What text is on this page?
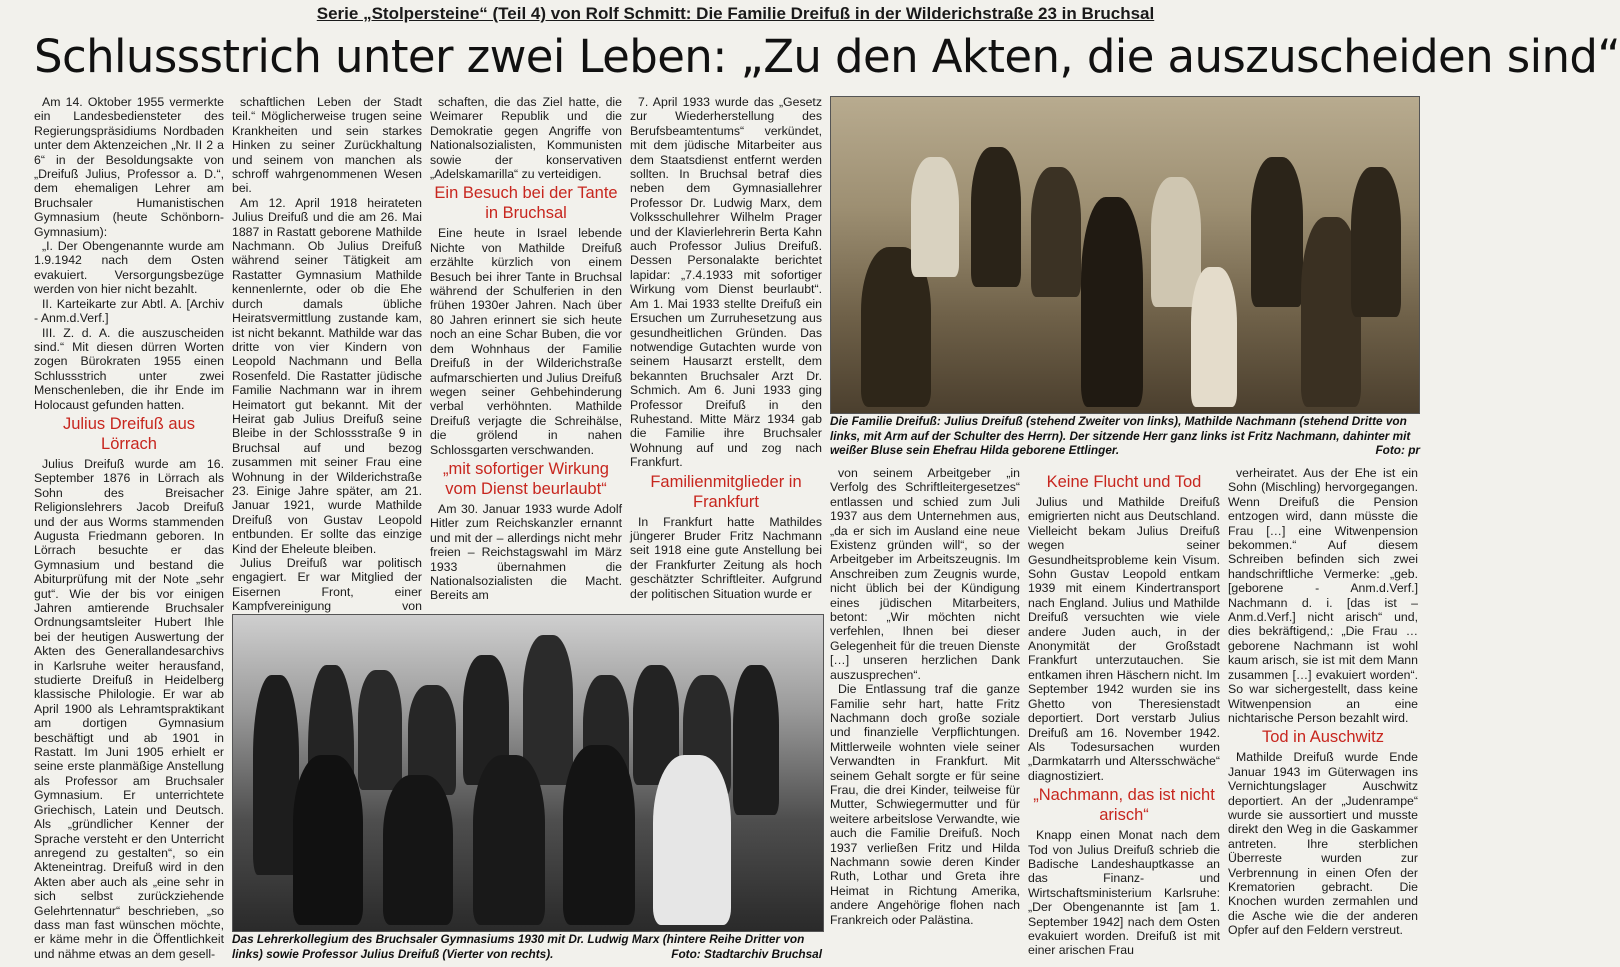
Serie „Stolpersteine“ (Teil 4) von Rolf Schmitt: Die Familie Dreifuß in der Wilderichstraße 23 in Bruchsal
Schlussstrich unter zwei Leben: „Zu den Akten, die auszuscheiden sind“

Am 14. Oktober 1955 vermerkte ein Landesbediensteter des Regierungspräsidiums Nordbaden unter dem Aktenzeichen „Nr. II 2 a 6“ in der Besoldungsakte von „Dreifuß Julius, Professor a. D.“, dem ehemaligen Lehrer am Bruchsaler Humanistischen Gymnasium (heute Schönborn-Gymnasium):

„I. Der Obengenannte wurde am 1.9.1942 nach dem Osten evakuiert. Versorgungsbezüge werden von hier nicht bezahlt.

II. Karteikarte zur Abtl. A. [Archiv - Anm.d.Verf.]

III. Z. d. A. die auszuscheiden sind.“ Mit diesen dürren Worten zogen Bürokraten 1955 einen Schlussstrich unter zwei Menschenleben, die ihr Ende im Holocaust gefunden hatten.

Julius Dreifuß aus Lörrach

Julius Dreifuß wurde am 16. September 1876 in Lörrach als Sohn des Breisacher Religionslehrers Jacob Dreifuß und der aus Worms stammenden Augusta Friedmann geboren. In Lörrach besuchte er das Gymnasium und bestand die Abiturprüfung mit der Note „sehr gut“. Wie der bis vor einigen Jahren amtierende Bruchsaler Ordnungsamtsleiter Hubert Ihle bei der heutigen Auswertung der Akten des Generallandesarchivs in Karlsruhe weiter herausfand, studierte Dreifuß in Heidelberg klassische Philologie. Er war ab April 1900 als Lehramtspraktikant am dortigen Gymnasium beschäftigt und ab 1901 in Rastatt. Im Juni 1905 erhielt er seine erste planmäßige Anstellung als Professor am Bruchsaler Gymnasium. Er unterrichtete Griechisch, Latein und Deutsch. Als „gründlicher Kenner der Sprache versteht er den Unterricht anregend zu gestalten“, so ein Akteneintrag. Dreifuß wird in den Akten aber auch als „eine sehr in sich selbst zurückziehende Gelehrtennatur“ beschrieben, „so dass man fast wünschen möchte, er käme mehr in die Öffentlichkeit und nähme etwas an dem gesell-

schaftlichen Leben der Stadt teil.“ Möglicherweise trugen seine Krankheiten und sein starkes Hinken zu seiner Zurückhaltung und seinem von manchen als schroff wahrgenommenen Wesen bei.

Am 12. April 1918 heirateten Julius Dreifuß und die am 26. Mai 1887 in Rastatt geborene Mathilde Nachmann. Ob Julius Dreifuß während seiner Tätigkeit am Rastatter Gymnasium Mathilde kennenlernte, oder ob die Ehe durch damals übliche Heiratsvermittlung zustande kam, ist nicht bekannt. Mathilde war das dritte von vier Kindern von Leopold Nachmann und Bella Rosenfeld. Die Rastatter jüdische Familie Nachmann war in ihrem Heimatort gut bekannt. Mit der Heirat gab Julius Dreifuß seine Bleibe in der Schlossstraße 9 in Bruchsal auf und bezog zusammen mit seiner Frau eine Wohnung in der Wilderichstraße 23. Einige Jahre später, am 21. Januar 1921, wurde Mathilde Dreifuß von Gustav Leopold entbunden. Er sollte das einzige Kind der Eheleute bleiben.

Julius Dreifuß war politisch engagiert. Er war Mitglied der Eisernen Front, einer Kampfvereinigung von

schaften, die das Ziel hatte, die Weimarer Republik und die Demokratie gegen Angriffe von Nationalsozialisten, Kommunisten sowie der konservativen „Adelskamarilla“ zu verteidigen.

Ein Besuch bei der Tante in Bruchsal

Eine heute in Israel lebende Nichte von Mathilde Dreifuß erzählte kürzlich von einem Besuch bei ihrer Tante in Bruchsal während der Schulferien in den frühen 1930er Jahren. Nach über 80 Jahren erinnert sie sich heute noch an eine Schar Buben, die vor dem Wohnhaus der Familie Dreifuß in der Wilderichstraße aufmarschierten und Julius Dreifuß wegen seiner Gehbehinderung verbal verhöhnten. Mathilde Dreifuß verjagte die Schreihälse, die grölend in nahen Schlossgarten verschwanden.

„mit sofortiger Wirkung vom Dienst beurlaubt“

Am 30. Januar 1933 wurde Adolf Hitler zum Reichskanzler ernannt und mit der – allerdings nicht mehr freien – Reichstagswahl im März 1933 übernahmen die Nationalsozialisten die Macht. Bereits am

7. April 1933 wurde das „Gesetz zur Wiederherstellung des Berufsbeamtentums“ verkündet, mit dem jüdische Mitarbeiter aus dem Staatsdienst entfernt werden sollten. In Bruchsal betraf dies neben dem Gymnasiallehrer Professor Dr. Ludwig Marx, dem Volksschullehrer Wilhelm Prager und der Klavierlehrerin Berta Kahn auch Professor Julius Dreifuß. Dessen Personalakte berichtet lapidar: „7.4.1933 mit sofortiger Wirkung vom Dienst beurlaubt“. Am 1. Mai 1933 stellte Dreifuß ein Ersuchen um Zurruhesetzung aus gesundheitlichen Gründen. Das notwendige Gutachten wurde von seinem Hausarzt erstellt, dem bekannten Bruchsaler Arzt Dr. Schmich. Am 6. Juni 1933 ging Professor Dreifuß in den Ruhestand. Mitte März 1934 gab die Familie ihre Bruchsaler Wohnung auf und zog nach Frankfurt.

Familienmitglieder in Frankfurt

In Frankfurt hatte Mathildes jüngerer Bruder Fritz Nachmann seit 1918 eine gute Anstellung bei der Frankfurter Zeitung als hoch geschätzter Schriftleiter. Aufgrund der politischen Situation wurde er

Die Familie Dreifuß: Julius Dreifuß (stehend Zweiter von links), Mathilde Nachmann (stehend Dritte von links, mit Arm auf der Schulter des Herrn). Der sitzende Herr ganz links ist Fritz Nachmann, dahinter mit weißer Bluse sein Ehefrau Hilda geborene Ettlinger.	Foto: pr
Das Lehrerkollegium des Bruchsaler Gymnasiums 1930 mit Dr. Ludwig Marx (hintere Reihe Dritter von links) sowie Professor Julius Dreifuß (Vierter von rechts).	Foto: Stadtarchiv Bruchsal

von seinem Arbeitgeber „in Verfolg des Schriftleitergesetzes“ entlassen und schied zum Juli 1937 aus dem Unternehmen aus, „da er sich im Ausland eine neue Existenz gründen will“, so der Arbeitgeber im Arbeitszeugnis. Im Anschreiben zum Zeugnis wurde, nicht üblich bei der Kündigung eines jüdischen Mitarbeiters, betont: „Wir möchten nicht verfehlen, Ihnen bei dieser Gelegenheit für die treuen Dienste […] unseren herzlichen Dank auszusprechen“.

Die Entlassung traf die ganze Familie sehr hart, hatte Fritz Nachmann doch große soziale und finanzielle Verpflichtungen. Mittlerweile wohnten viele seiner Verwandten in Frankfurt. Mit seinem Gehalt sorgte er für seine Frau, die drei Kinder, teilweise für Mutter, Schwiegermutter und für weitere arbeitslose Verwandte, wie auch die Familie Dreifuß. Noch 1937 verließen Fritz und Hilda Nachmann sowie deren Kinder Ruth, Lothar und Greta ihre Heimat in Richtung Amerika, andere Angehörige flohen nach Frankreich oder Palästina.

Keine Flucht und Tod

Julius und Mathilde Dreifuß emigrierten nicht aus Deutschland. Vielleicht bekam Julius Dreifuß wegen seiner Gesundheitsprobleme kein Visum. Sohn Gustav Leopold entkam 1939 mit einem Kindertransport nach England. Julius und Mathilde Dreifuß versuchten wie viele andere Juden auch, in der Anonymität der Großstadt Frankfurt unterzutauchen. Sie entkamen ihren Häschern nicht. Im September 1942 wurden sie ins Ghetto von Theresienstadt deportiert. Dort verstarb Julius Dreifuß am 16. November 1942. Als Todesursachen wurden „Darmkatarrh und Altersschwäche“ diagnostiziert.

„Nachmann, das ist nicht arisch“

Knapp einen Monat nach dem Tod von Julius Dreifuß schrieb die Badische Landeshauptkasse an das Finanz- und Wirtschaftsministerium Karlsruhe: „Der Obengenannte ist [am 1. September 1942] nach dem Osten evakuiert worden. Dreifuß ist mit einer arischen Frau

verheiratet. Aus der Ehe ist ein Sohn (Mischling) hervorgegangen. Wenn Dreifuß die Pension entzogen wird, dann müsste die Frau […] eine Witwenpension bekommen.“ Auf diesem Schreiben befinden sich zwei handschriftliche Vermerke: „geb. [geborene - Anm.d.Verf.] Nachmann d. i. [das ist – Anm.d.Verf.] nicht arisch“ und, dies bekräftigend,: „Die Frau … geborene Nachmann ist wohl kaum arisch, sie ist mit dem Mann zusammen […] evakuiert worden“. So war sichergestellt, dass keine Witwenpension an eine nichtarische Person bezahlt wird.

Tod in Auschwitz

Mathilde Dreifuß wurde Ende Januar 1943 im Güterwagen ins Vernichtungslager Auschwitz deportiert. An der „Judenrampe“ wurde sie aussortiert und musste direkt den Weg in die Gaskammer antreten. Ihre sterblichen Überreste wurden zur Verbrennung in einen Ofen der Krematorien gebracht. Die Knochen wurden zermahlen und die Asche wie die der anderen Opfer auf den Feldern verstreut.
